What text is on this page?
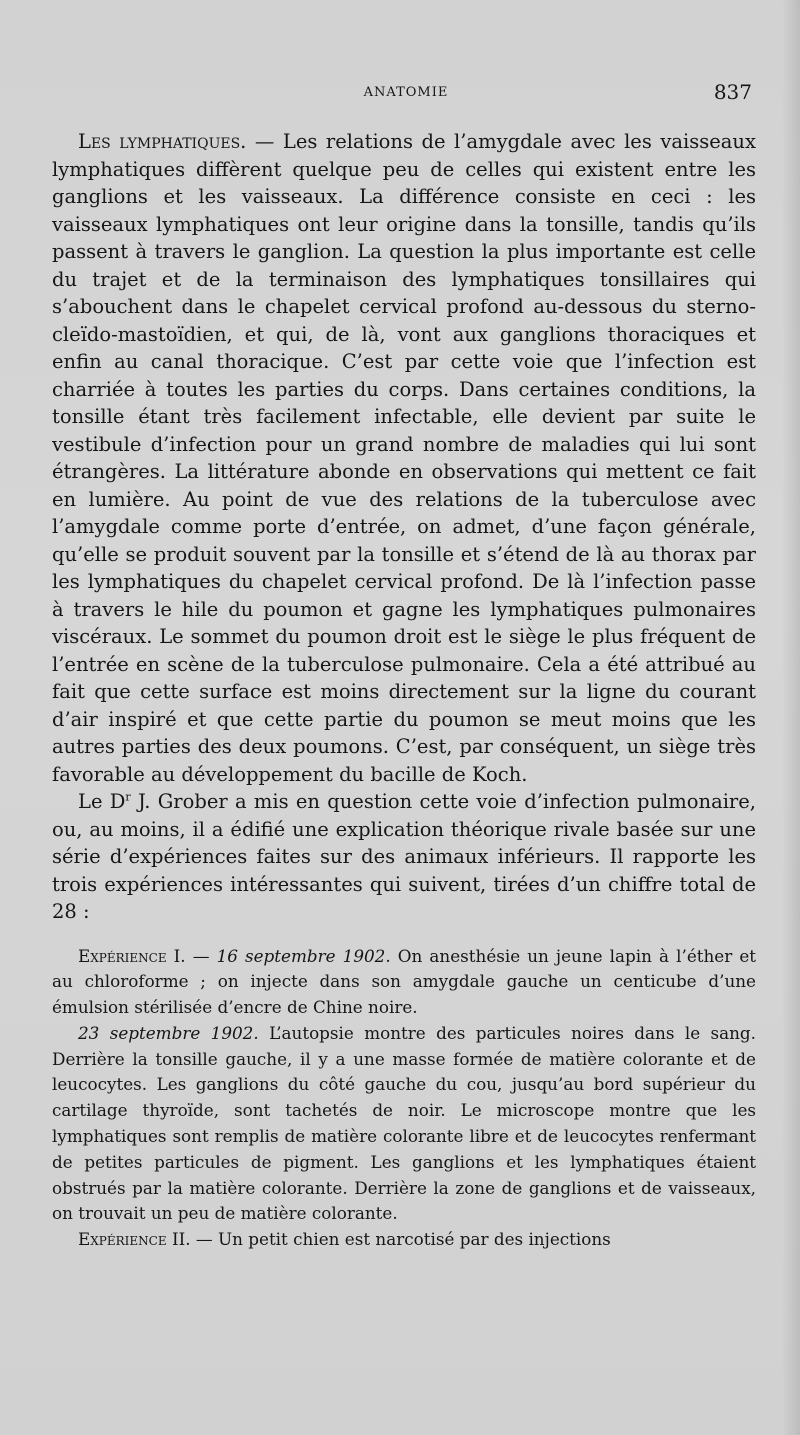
ANATOMIE	837

Les lymphatiques. — Les relations de l’amygdale avec les vaisseaux lymphatiques diffèrent quelque peu de celles qui existent entre les ganglions et les vaisseaux. La différence consiste en ceci : les vaisseaux lymphatiques ont leur origine dans la tonsille, tandis qu’ils passent à travers le ganglion. La question la plus importante est celle du trajet et de la terminaison des lymphatiques tonsillaires qui s’abouchent dans le chapelet cervical profond au-dessous du sterno-cleïdo-mastoïdien, et qui, de là, vont aux ganglions thoraciques et enfin au canal thoracique. C’est par cette voie que l’infection est charriée à toutes les parties du corps. Dans certaines conditions, la tonsille étant très facilement infectable, elle devient par suite le vestibule d’infection pour un grand nombre de maladies qui lui sont étrangères. La littérature abonde en observations qui mettent ce fait en lumière. Au point de vue des relations de la tuberculose avec l’amygdale comme porte d’entrée, on admet, d’une façon générale, qu’elle se produit souvent par la tonsille et s’étend de là au thorax par les lymphatiques du chapelet cervical profond. De là l’infection passe à travers le hile du poumon et gagne les lymphatiques pulmonaires viscéraux. Le sommet du poumon droit est le siège le plus fréquent de l’entrée en scène de la tuberculose pulmonaire. Cela a été attribué au fait que cette surface est moins directement sur la ligne du courant d’air inspiré et que cette partie du poumon se meut moins que les autres parties des deux poumons. C’est, par conséquent, un siège très favorable au développement du bacille de Koch.

Le $D^r$ J. Grober a mis en question cette voie d’infection pulmonaire, ou, au moins, il a édifié une explication théorique rivale basée sur une série d’expériences faites sur des animaux inférieurs. Il rapporte les trois expériences intéressantes qui suivent, tirées d’un chiffre total de 28 :

Expérience I. — 16 septembre 1902. On anesthésie un jeune lapin à l’éther et au chloroforme ; on injecte dans son amygdale gauche un centicube d’une émulsion stérilisée d’encre de Chine noire.

23 septembre 1902. L’autopsie montre des particules noires dans le sang. Derrière la tonsille gauche, il y a une masse formée de matière colorante et de leucocytes. Les ganglions du côté gauche du cou, jusqu’au bord supérieur du cartilage thyroïde, sont tachetés de noir. Le microscope montre que les lymphatiques sont remplis de matière colorante libre et de leucocytes renfermant de petites particules de pigment. Les ganglions et les lymphatiques étaient obstrués par la matière colorante. Derrière la zone de ganglions et de vaisseaux, on trouvait un peu de matière colorante.

Expérience II. — Un petit chien est narcotisé par des injections
